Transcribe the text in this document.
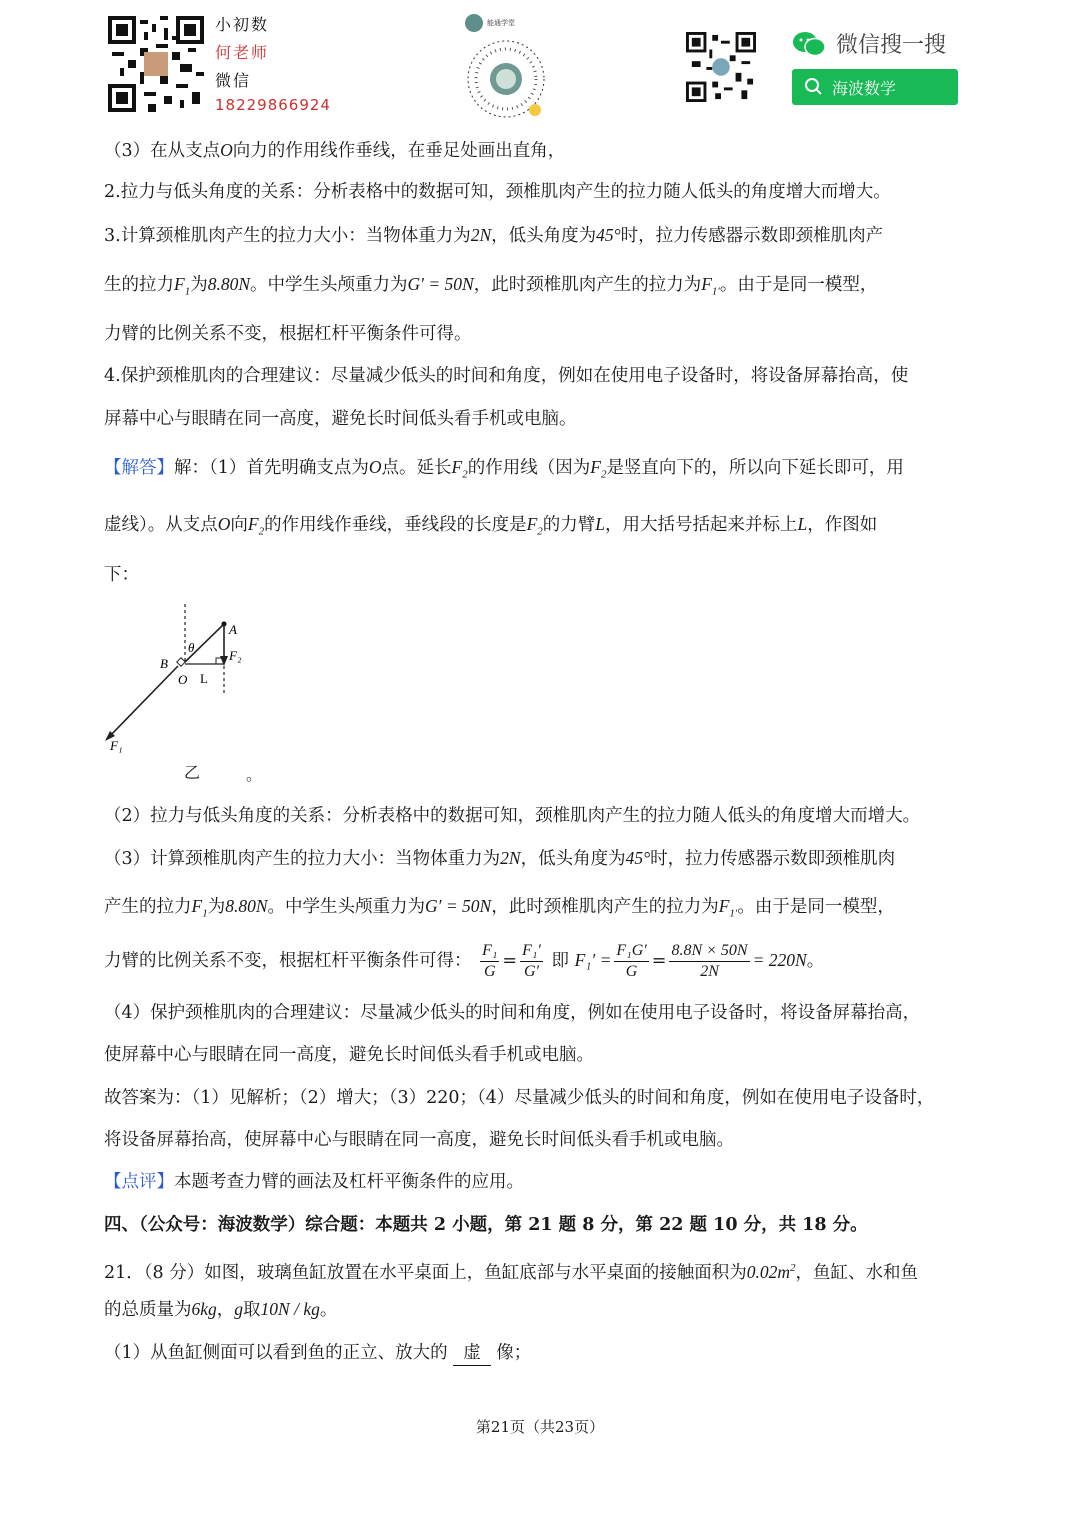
小初数
何老师
微信
18229866924
能通学堂
微信搜一搜
海波数学
（3）在从支点O向力的作用线作垂线，在垂足处画出直角，
2.拉力与低头角度的关系：分析表格中的数据可知，颈椎肌肉产生的拉力随人低头的角度增大而增大。
3.计算颈椎肌肉产生的拉力大小：当物体重力为2N，低头角度为45°时，拉力传感器示数即颈椎肌肉产
生的拉力$F_1$为8.80N。中学生头颅重力为G′ = 50N，此时颈椎肌肉产生的拉力为$F_{1'}$。由于是同一模型，
力臂的比例关系不变，根据杠杆平衡条件可得。
4.保护颈椎肌肉的合理建议：尽量减少低头的时间和角度，例如在使用电子设备时，将设备屏幕抬高，使
屏幕中心与眼睛在同一高度，避免长时间低头看手机或电脑。
【解答】解：（1）首先明确支点为O点。延长$F_2$的作用线（因为$F_2$是竖直向下的，所以向下延长即可，用
虚线）。从支点O向$F_2$的作用线作垂线，垂线段的长度是$F_2$的力臂L，用大括号括起来并标上L，作图如
下：
A
θ
F₂
B
O L
F₁
乙	。
（2）拉力与低头角度的关系：分析表格中的数据可知，颈椎肌肉产生的拉力随人低头的角度增大而增大。
（3）计算颈椎肌肉产生的拉力大小：当物体重力为2N，低头角度为45°时，拉力传感器示数即颈椎肌肉
产生的拉力$F_1$为8.80N。中学生头颅重力为G′ = 50N，此时颈椎肌肉产生的拉力为$F_{1'}$。由于是同一模型，
力臂的比例关系不变，根据杠杆平衡条件可得： $\frac{\text{F₁}}{G} = \frac{\text{F₁′}}{G'}$ 即 $F_1' = \frac{\text{F₁G′}}{G} = \frac{8.8N \times 50N}{2N} = 220N$。
（4）保护颈椎肌肉的合理建议：尽量减少低头的时间和角度，例如在使用电子设备时，将设备屏幕抬高，
使屏幕中心与眼睛在同一高度，避免长时间低头看手机或电脑。
故答案为：（1）见解析；（2）增大；（3）220；（4）尽量减少低头的时间和角度，例如在使用电子设备时，
将设备屏幕抬高，使屏幕中心与眼睛在同一高度，避免长时间低头看手机或电脑。
【点评】本题考查力臂的画法及杠杆平衡条件的应用。
四、（公众号：海波数学）综合题：本题共 2 小题，第 21 题 8 分，第 22 题 10 分，共 18 分。
21．（8 分）如图，玻璃鱼缸放置在水平桌面上，鱼缸底部与水平桌面的接触面积为$0.02m^2$，鱼缸、水和鱼
的总质量为6kg，g取10N / kg。
（1）从鱼缸侧面可以看到鱼的正立、放大的 虚 像；
第21页（共23页）
